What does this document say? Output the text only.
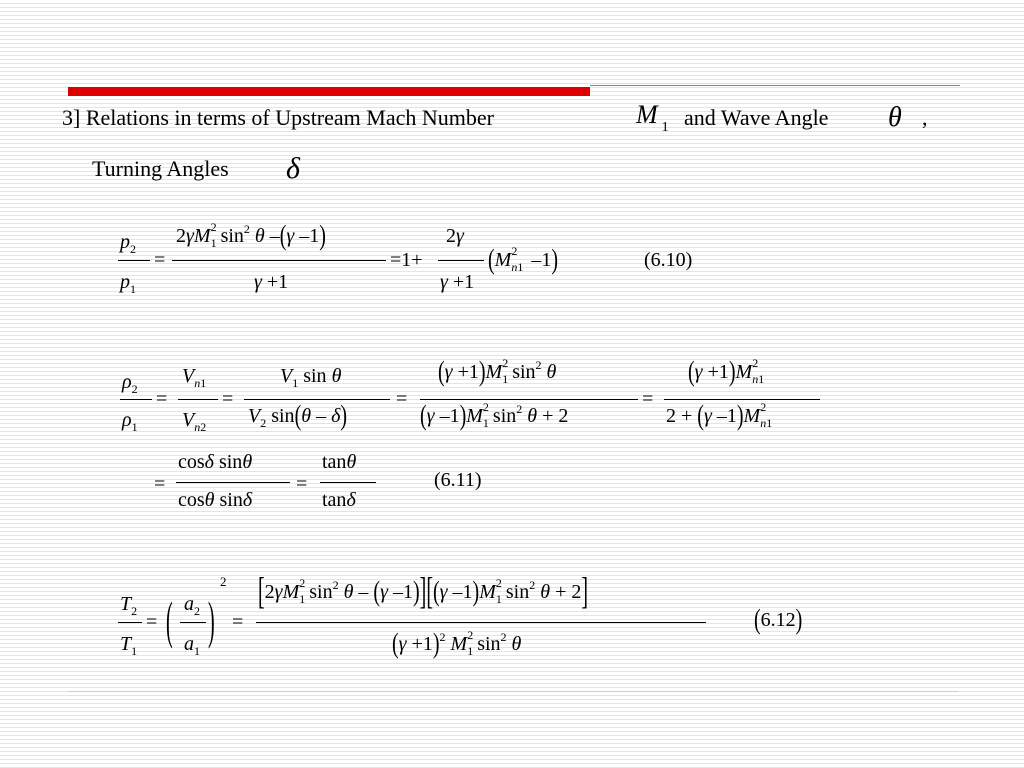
3] Relations in terms of Upstream Mach Number	M $_1$ and Wave Angle θ ,
Turning Angles δ
$p_2$
$p_1$
=
2γM 2
1 $\sin^2 \theta$ –(γ –1)
γ +1
=1+
2γ
γ +1
(M 2
n1
–1)	(6.10)
$\rho_2$
$\rho_1$
=
$V_{n1}$
$V_{n2}$
=
$V_1$ sin θ
$V_2$ sin(θ – δ)
=
(γ +1)M 2
1 $\sin^2 \theta$
(γ –1)M 2
1 $\sin^2 \theta + 2$
=
(γ +1)M 2
n1
2 + (γ –1)M 2
n1
=
cosδ sinθ
cosθ sinδ
=
tanθ
tanδ
(6.11)
$T_2$
$T_1$
= ( $a_2$
$a_1$
)
2
=
[2γM 2
1 $\sin^2 \theta - (\gamma$ –1)][(γ –1)M 2
1 $\sin^2 \theta + 2$]
$(\gamma +1)^2$ M 2
1 $\sin^2 \theta$
(6.12)
